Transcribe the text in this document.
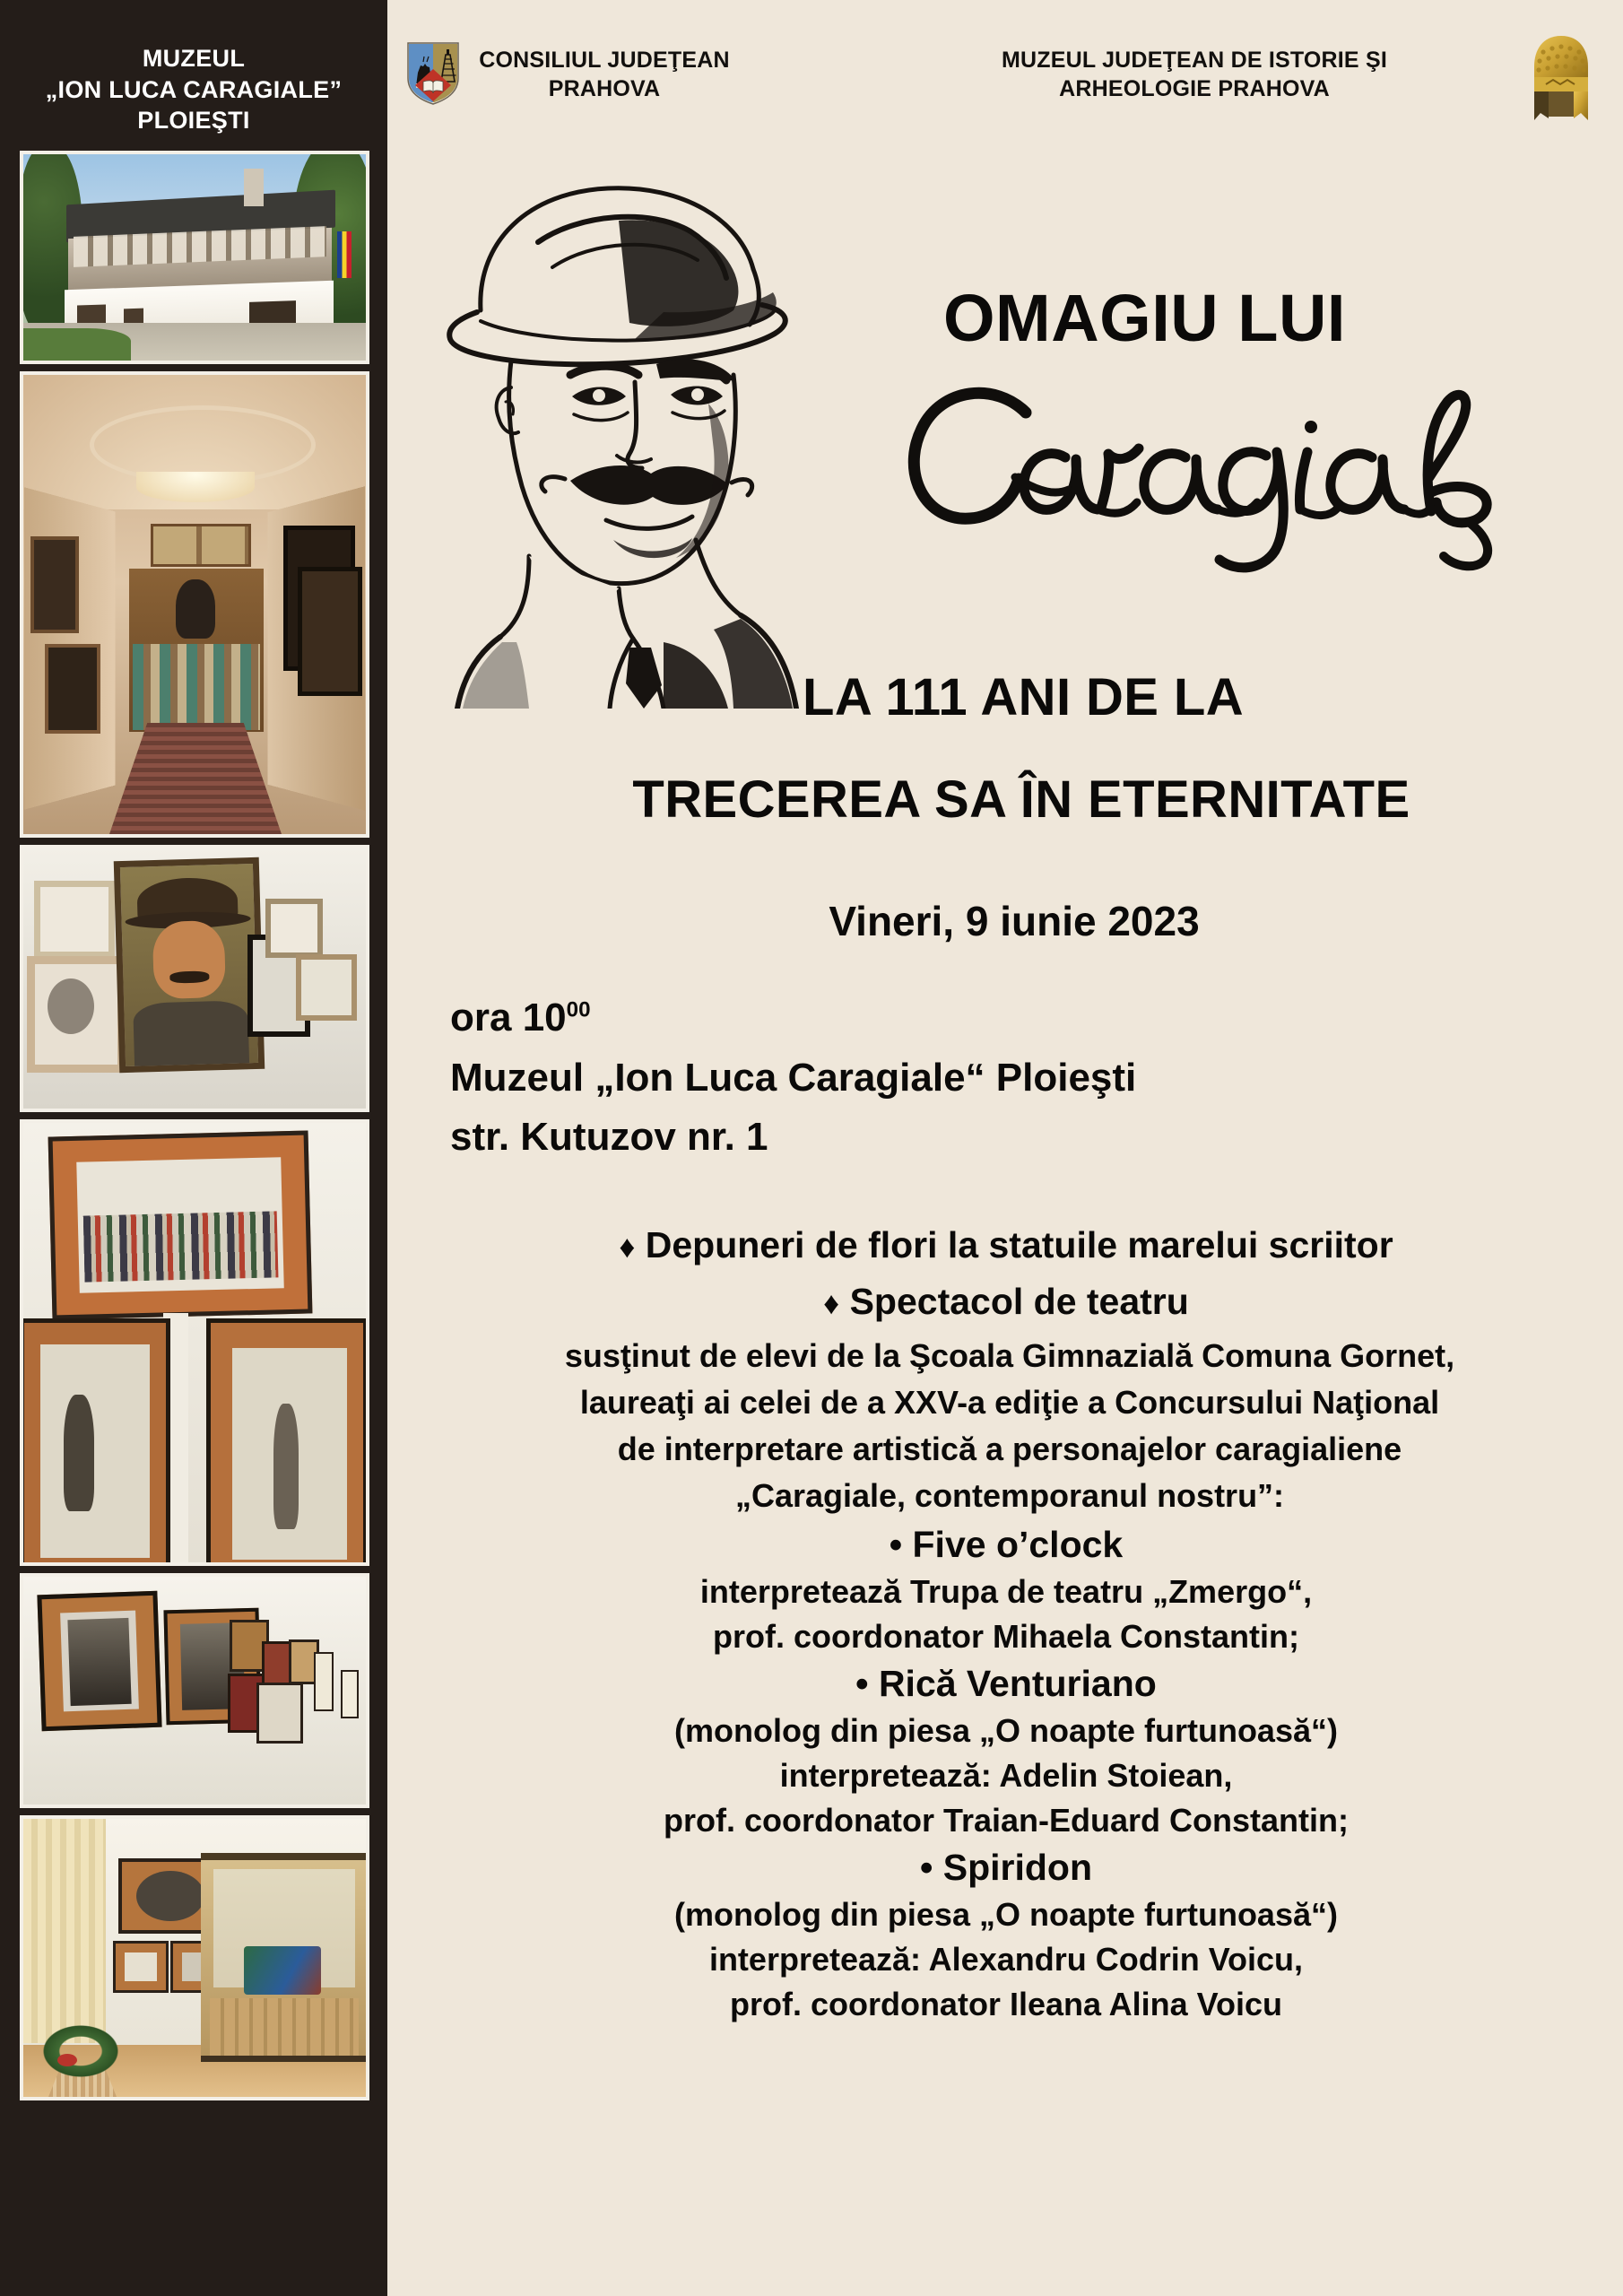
MUZEUL
„ION LUCA CARAGIALE”
PLOIEŞTI
CONSILIUL JUDEŢEAN
PRAHOVA
MUZEUL JUDEŢEAN DE ISTORIE ŞI
ARHEOLOGIE PRAHOVA
OMAGIU LUI
LA 111 ANI DE LA
TRECEREA SA ÎN ETERNITATE
Vineri, 9 iunie 2023
ora $10^{00}$
Muzeul „Ion Luca Caragiale“ Ploieşti
str. Kutuzov nr. 1
♦ Depuneri de flori la statuile marelui scriitor
♦ Spectacol de teatru
susţinut de elevi de la Şcoala Gimnazială Comuna Gornet,
laureaţi ai celei de a XXV-a ediţie a Concursului Naţional
de interpretare artistică a personajelor caragialiene
„Caragiale, contemporanul nostru”:
• Five o’clock
interpretează Trupa de teatru „Zmergo“,
prof. coordonator Mihaela Constantin;
• Rică Venturiano
(monolog din piesa „O noapte furtunoasă“)
interpretează: Adelin Stoiean,
prof. coordonator Traian-Eduard Constantin;
• Spiridon
(monolog din piesa „O noapte furtunoasă“)
interpretează: Alexandru Codrin Voicu,
prof. coordonator Ileana Alina Voicu
